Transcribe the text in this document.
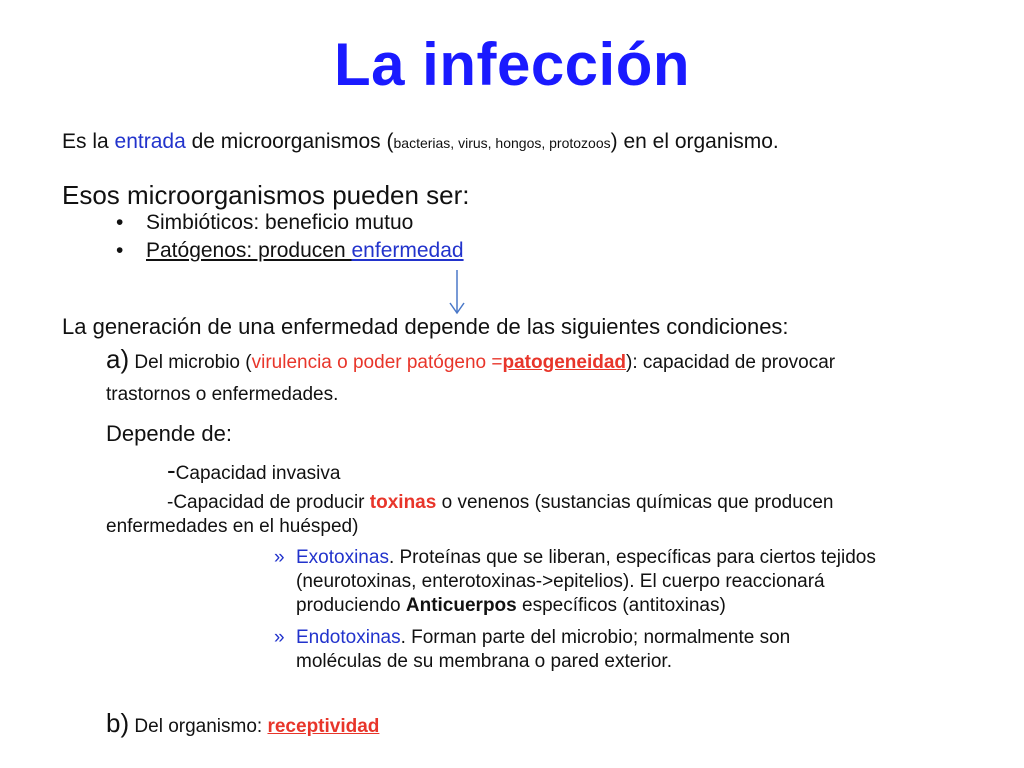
La infección
Es la entrada de microorganismos (bacterias, virus, hongos, protozoos) en el organismo.
Esos microorganismos pueden ser:
• Simbióticos: beneficio mutuo
• Patógenos: producen enfermedad
La generación de una enfermedad depende de las siguientes condiciones:
a) Del microbio (virulencia o poder patógeno =patogeneidad): capacidad de provocar
trastornos o enfermedades.
Depende de:
-Capacidad invasiva
-Capacidad de producir toxinas o venenos (sustancias químicas que producen
enfermedades en el huésped)
» Exotoxinas. Proteínas que se liberan, específicas para ciertos tejidos
(neurotoxinas, enterotoxinas->epitelios). El cuerpo reaccionará
produciendo Anticuerpos específicos (antitoxinas)
» Endotoxinas. Forman parte del microbio; normalmente son
moléculas de su membrana o pared exterior.
b) Del organismo: receptividad
